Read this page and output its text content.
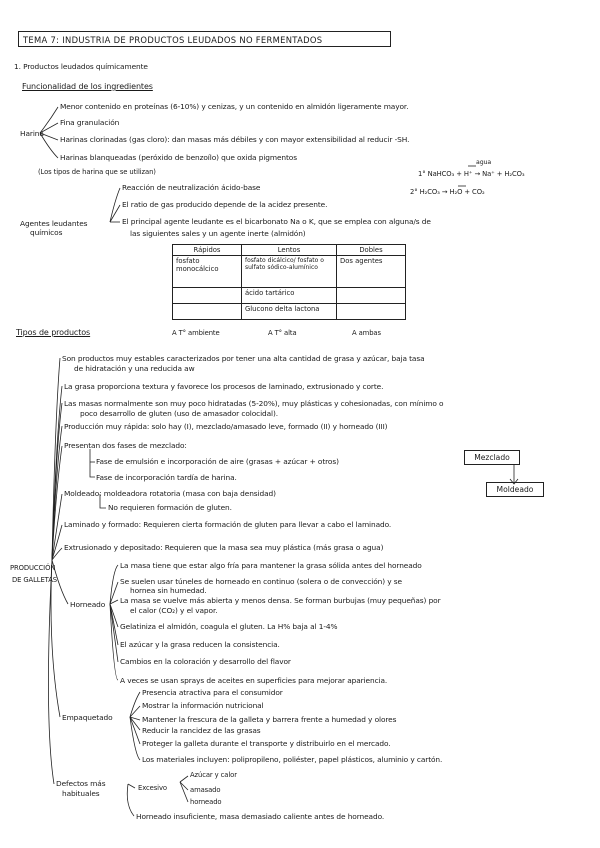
TEMA 7: INDUSTRIA DE PRODUCTOS LEUDADOS NO FERMENTADOS
1. Productos leudados químicamente
Funcionalidad de los ingredientes
Harina
Menor contenido en proteínas (6-10%) y cenizas, y un contenido en almidón ligeramente mayor.
Fina granulación
Harinas clorinadas (gas cloro): dan masas más débiles y con mayor extensibilidad al reducir -SH.
Harinas blanqueadas (peróxido de benzoílo) que oxida pigmentos
(Los tipos de harina que se utilizan)
agua
1° NaHCO₃ + H⁺ → Na⁺ + H₂CO₃
2° H₂CO₃ → H₂O + CO₂
Agentes leudantes
químicos
Reacción de neutralización ácido-base
El ratio de gas producido depende de la acidez presente.
El principal agente leudante es el bicarbonato Na o K, que se emplea con alguna/s de
las siguientes sales y un agente inerte (almidón)
Rápidos	Lentos	Dobles
fosfato monocálcico	fosfato dicálcico/ fosfato o sulfato sódico-alumínico	Dos agentes
	ácido tartárico	
	Glucono delta lactona	
A T° ambiente	A T° alta	A ambas
Tipos de productos
PRODUCCIÓN
DE GALLETAS
Son productos muy estables caracterizados por tener una alta cantidad de grasa y azúcar, baja tasa
de hidratación y una reducida aw
La grasa proporciona textura y favorece los procesos de laminado, extrusionado y corte.
Las masas normalmente son muy poco hidratadas (5-20%), muy plásticas y cohesionadas, con mínimo o
poco desarrollo de gluten (uso de amasador colocidal).
Producción muy rápida: solo hay (I), mezclado/amasado leve, formado (II) y horneado (III)
Presentan dos fases de mezclado:
Fase de emulsión e incorporación de aire (grasas + azúcar + otros)
Fase de incorporación tardía de harina.
Moldeado: moldeadora rotatoria (masa con baja densidad)
No requieren formación de gluten.
Laminado y formado: Requieren cierta formación de gluten para llevar a cabo el laminado.
Extrusionado y depositado: Requieren que la masa sea muy plástica (más grasa o agua)
Mezclado
Moldeado
Horneado
La masa tiene que estar algo fría para mantener la grasa sólida antes del horneado
Se suelen usar túneles de horneado en continuo (solera o de convección) y se
hornea sin humedad.
La masa se vuelve más abierta y menos densa. Se forman burbujas (muy pequeñas) por
el calor (CO₂) y el vapor.
Gelatiniza el almidón, coagula el gluten. La H% baja al 1-4%
El azúcar y la grasa reducen la consistencia.
Cambios en la coloración y desarrollo del flavor
A veces se usan sprays de aceites en superficies para mejorar apariencia.
Empaquetado
Presencia atractiva para el consumidor
Mostrar la información nutricional
Mantener la frescura de la galleta y barrera frente a humedad y olores
Reducir la rancidez de las grasas
Proteger la galleta durante el transporte y distribuirlo en el mercado.
Los materiales incluyen: polipropileno, poliéster, papel plásticos, aluminio y cartón.
Defectos más
habituales
Excesivo
Azúcar y calor
amasado
horneado
Horneado insuficiente, masa demasiado caliente antes de horneado.
